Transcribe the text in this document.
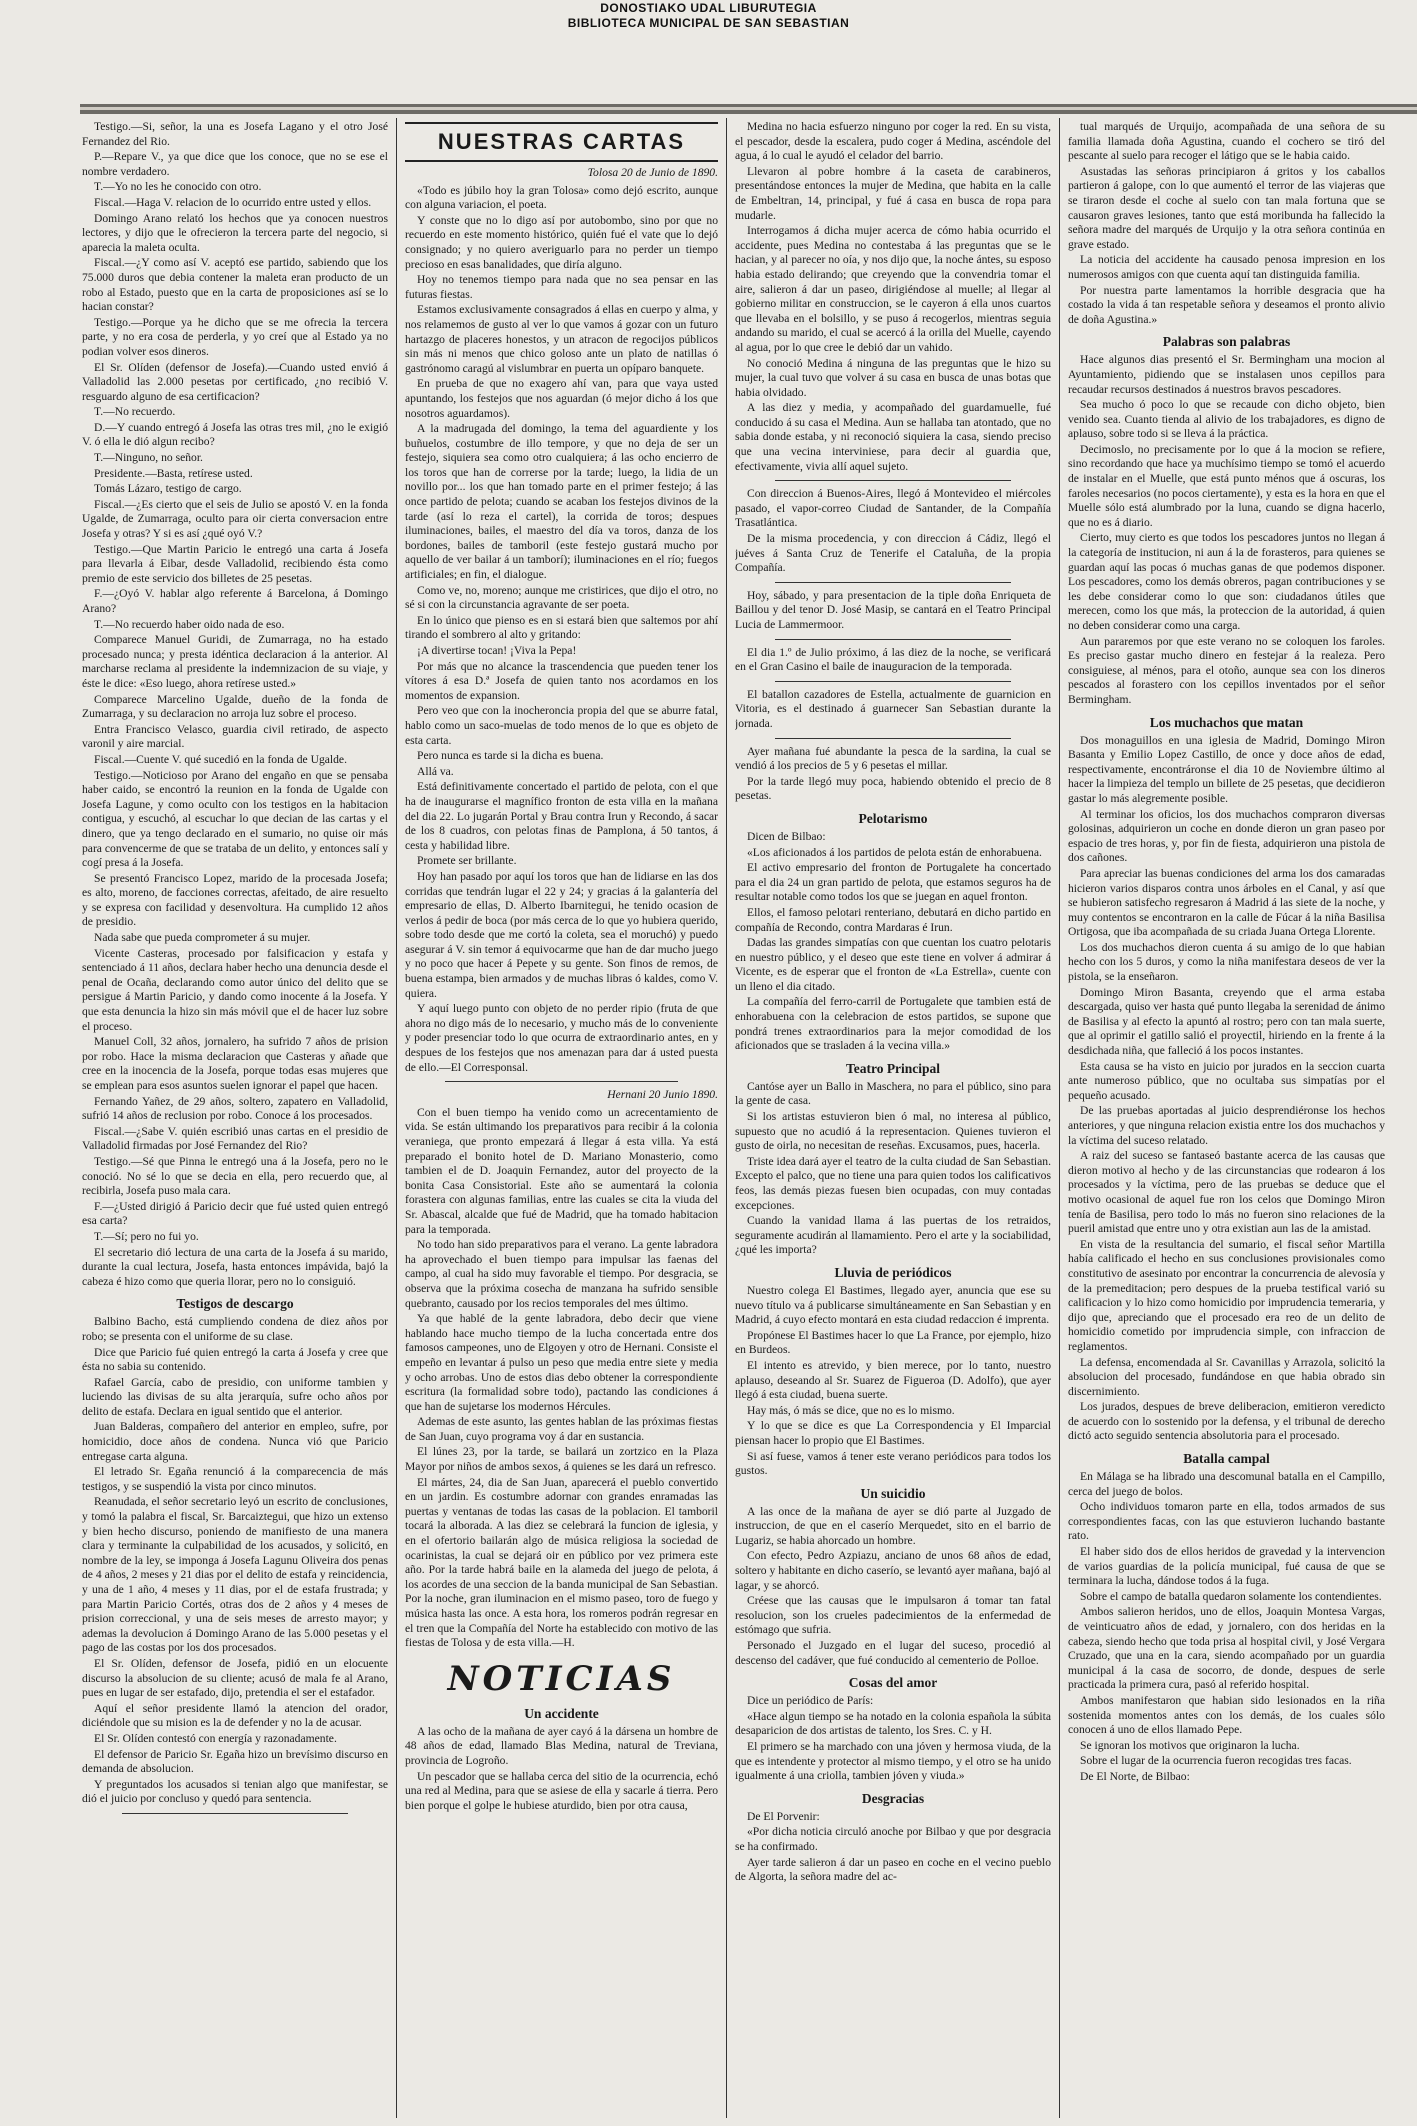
DONOSTIAKO UDAL LIBURUTEGIA
BIBLIOTECA MUNICIPAL DE SAN SEBASTIAN

Testigo.—Si, señor, la una es Josefa Lagano y el otro José Fernandez del Rio.

P.—Repare V., ya que dice que los conoce, que no se ese el nombre verdadero.

T.—Yo no les he conocido con otro.

Fiscal.—Haga V. relacion de lo ocurrido entre usted y ellos.

Domingo Arano relató los hechos que ya conocen nuestros lectores, y dijo que le ofrecieron la tercera parte del negocio, si aparecia la maleta oculta.

Fiscal.—¿Y como así V. aceptó ese partido, sabiendo que los 75.000 duros que debia contener la maleta eran producto de un robo al Estado, puesto que en la carta de proposiciones así se lo hacian constar?

Testigo.—Porque ya he dicho que se me ofrecia la tercera parte, y no era cosa de perderla, y yo creí que al Estado ya no podian volver esos dineros.

El Sr. Olíden (defensor de Josefa).—Cuando usted envió á Valladolid las 2.000 pesetas por certificado, ¿no recibió V. resguardo alguno de esa certificacion?

T.—No recuerdo.

D.—Y cuando entregó á Josefa las otras tres mil, ¿no le exigió V. ó ella le dió algun recibo?

T.—Ninguno, no señor.

Presidente.—Basta, retírese usted.

Tomás Lázaro, testigo de cargo.

Fiscal.—¿Es cierto que el seis de Julio se apostó V. en la fonda Ugalde, de Zumarraga, oculto para oir cierta conversacion entre Josefa y otras? Y si es así ¿qué oyó V.?

Testigo.—Que Martin Paricio le entregó una carta á Josefa para llevarla á Eibar, desde Valladolid, recibiendo ésta como premio de este servicio dos billetes de 25 pesetas.

F.—¿Oyó V. hablar algo referente á Barcelona, á Domingo Arano?

T.—No recuerdo haber oido nada de eso.

Comparece Manuel Guridi, de Zumarraga, no ha estado procesado nunca; y presta idéntica declaracion á la anterior. Al marcharse reclama al presidente la indemnizacion de su viaje, y éste le dice: «Eso luego, ahora retírese usted.»

Comparece Marcelino Ugalde, dueño de la fonda de Zumarraga, y su declaracion no arroja luz sobre el proceso.

Entra Francisco Velasco, guardia civil retirado, de aspecto varonil y aire marcial.

Fiscal.—Cuente V. qué sucedió en la fonda de Ugalde.

Testigo.—Noticioso por Arano del engaño en que se pensaba haber caido, se encontró la reunion en la fonda de Ugalde con Josefa Lagune, y como oculto con los testigos en la habitacion contigua, y escuchó, al escuchar lo que decian de las cartas y el dinero, que ya tengo declarado en el sumario, no quise oir más para convencerme de que se trataba de un delito, y entonces salí y cogí presa á la Josefa.

Se presentó Francisco Lopez, marido de la procesada Josefa; es alto, moreno, de facciones correctas, afeitado, de aire resuelto y se expresa con facilidad y desenvoltura. Ha cumplido 12 años de presidio.

Nada sabe que pueda comprometer á su mujer.

Vicente Casteras, procesado por falsificacion y estafa y sentenciado á 11 años, declara haber hecho una denuncia desde el penal de Ocaña, declarando como autor único del delito que se persigue á Martin Paricio, y dando como inocente á la Josefa. Y que esta denuncia la hizo sin más móvil que el de hacer luz sobre el proceso.

Manuel Coll, 32 años, jornalero, ha sufrido 7 años de prision por robo. Hace la misma declaracion que Casteras y añade que cree en la inocencia de la Josefa, porque todas esas mujeres que se emplean para esos asuntos suelen ignorar el papel que hacen.

Fernando Yañez, de 29 años, soltero, zapatero en Valladolid, sufrió 14 años de reclusion por robo. Conoce á los procesados.

Fiscal.—¿Sabe V. quién escribió unas cartas en el presidio de Valladolid firmadas por José Fernandez del Rio?

Testigo.—Sé que Pinna le entregó una á la Josefa, pero no le conoció. No sé lo que se decia en ella, pero recuerdo que, al recibirla, Josefa puso mala cara.

F.—¿Usted dirigió á Paricio decir que fué usted quien entregó esa carta?

T.—Sí; pero no fui yo.

El secretario dió lectura de una carta de la Josefa á su marido, durante la cual lectura, Josefa, hasta entonces impávida, bajó la cabeza é hizo como que queria llorar, pero no lo consiguió.

Testigos de descargo

Balbino Bacho, está cumpliendo condena de diez años por robo; se presenta con el uniforme de su clase.

Dice que Paricio fué quien entregó la carta á Josefa y cree que ésta no sabia su contenido.

Rafael García, cabo de presidio, con uniforme tambien y luciendo las divisas de su alta jerarquía, sufre ocho años por delito de estafa. Declara en igual sentido que el anterior.

Juan Balderas, compañero del anterior en empleo, sufre, por homicidio, doce años de condena. Nunca vió que Paricio entregase carta alguna.

El letrado Sr. Egaña renunció á la comparecencia de más testigos, y se suspendió la vista por cinco minutos.

Reanudada, el señor secretario leyó un escrito de conclusiones, y tomó la palabra el fiscal, Sr. Barcaiztegui, que hizo un extenso y bien hecho discurso, poniendo de manifiesto de una manera clara y terminante la culpabilidad de los acusados, y solicitó, en nombre de la ley, se imponga á Josefa Lagunu Oliveira dos penas de 4 años, 2 meses y 21 dias por el delito de estafa y reincidencia, y una de 1 año, 4 meses y 11 dias, por el de estafa frustrada; y para Martin Paricio Cortés, otras dos de 2 años y 4 meses de prision correccional, y una de seis meses de arresto mayor; y ademas la devolucion á Domingo Arano de las 5.000 pesetas y el pago de las costas por los dos procesados.

El Sr. Olíden, defensor de Josefa, pidió en un elocuente discurso la absolucion de su cliente; acusó de mala fe al Arano, pues en lugar de ser estafado, dijo, pretendia el ser el estafador.

Aquí el señor presidente llamó la atencion del orador, diciéndole que su mision es la de defender y no la de acusar.

El Sr. Olíden contestó con energía y razonadamente.

El defensor de Paricio Sr. Egaña hizo un brevísimo discurso en demanda de absolucion.

Y preguntados los acusados si tenian algo que manifestar, se dió el juicio por concluso y quedó para sentencia.

NUESTRAS CARTAS
Tolosa 20 de Junio de 1890.

«Todo es júbilo hoy la gran Tolosa» como dejó escrito, aunque con alguna variacion, el poeta.

Y conste que no lo digo así por autobombo, sino por que no recuerdo en este momento histórico, quién fué el vate que lo dejó consignado; y no quiero averiguarlo para no perder un tiempo precioso en esas banalidades, que diría alguno.

Hoy no tenemos tiempo para nada que no sea pensar en las futuras fiestas.

Estamos exclusivamente consagrados á ellas en cuerpo y alma, y nos relamemos de gusto al ver lo que vamos á gozar con un futuro hartazgo de placeres honestos, y un atracon de regocijos públicos sin más ni menos que chico goloso ante un plato de natillas ó gastrónomo caragú al vislumbrar en puerta un opíparo banquete.

En prueba de que no exagero ahí van, para que vaya usted apuntando, los festejos que nos aguardan (ó mejor dicho á los que nosotros aguardamos).

A la madrugada del domingo, la tema del aguardiente y los buñuelos, costumbre de illo tempore, y que no deja de ser un festejo, siquiera sea como otro cualquiera; á las ocho encierro de los toros que han de correrse por la tarde; luego, la lidia de un novillo por... los que han tomado parte en el primer festejo; á las once partido de pelota; cuando se acaban los festejos divinos de la tarde (así lo reza el cartel), la corrida de toros; despues iluminaciones, bailes, el maestro del día va toros, danza de los bordones, bailes de tamboril (este festejo gustará mucho por aquello de ver bailar á un tamborí); iluminaciones en el río; fuegos artificiales; en fin, el dialogue.

Como ve, no, moreno; aunque me cristirices, que dijo el otro, no sé si con la circunstancia agravante de ser poeta.

En lo único que pienso es en si estará bien que saltemos por ahí tirando el sombrero al alto y gritando:

¡A divertirse tocan! ¡Viva la Pepa!

Por más que no alcance la trascendencia que pueden tener los vítores á esa D.ª Josefa de quien tanto nos acordamos en los momentos de expansion.

Pero veo que con la inocheroncia propia del que se aburre fatal, hablo como un saco-muelas de todo menos de lo que es objeto de esta carta.

Pero nunca es tarde si la dicha es buena.

Allá va.

Está definitivamente concertado el partido de pelota, con el que ha de inaugurarse el magnífico fronton de esta villa en la mañana del dia 22. Lo jugarán Portal y Brau contra Irun y Recondo, á sacar de los 8 cuadros, con pelotas finas de Pamplona, á 50 tantos, á cesta y habilidad libre.

Promete ser brillante.

Hoy han pasado por aquí los toros que han de lidiarse en las dos corridas que tendrán lugar el 22 y 24; y gracias á la galantería del empresario de ellas, D. Alberto Ibarnitegui, he tenido ocasion de verlos á pedir de boca (por más cerca de lo que yo hubiera querido, sobre todo desde que me cortó la coleta, sea el moruchó) y puedo asegurar á V. sin temor á equivocarme que han de dar mucho juego y no poco que hacer á Pepete y su gente. Son finos de remos, de buena estampa, bien armados y de muchas libras ó kaldes, como V. quiera.

Y aquí luego punto con objeto de no perder ripio (fruta de que ahora no digo más de lo necesario, y mucho más de lo conveniente y poder presenciar todo lo que ocurra de extraordinario antes, en y despues de los festejos que nos amenazan para dar á usted puesta de ello.—El Corresponsal.

Hernani 20 Junio 1890.

Con el buen tiempo ha venido como un acrecentamiento de vida. Se están ultimando los preparativos para recibir á la colonia veraniega, que pronto empezará á llegar á esta villa. Ya está preparado el bonito hotel de D. Mariano Monasterio, como tambien el de D. Joaquin Fernandez, autor del proyecto de la bonita Casa Consistorial. Este año se aumentará la colonia forastera con algunas familias, entre las cuales se cita la viuda del Sr. Abascal, alcalde que fué de Madrid, que ha tomado habitacion para la temporada.

No todo han sido preparativos para el verano. La gente labradora ha aprovechado el buen tiempo para impulsar las faenas del campo, al cual ha sido muy favorable el tiempo. Por desgracia, se observa que la próxima cosecha de manzana ha sufrido sensible quebranto, causado por los recios temporales del mes último.

Ya que hablé de la gente labradora, debo decir que viene hablando hace mucho tiempo de la lucha concertada entre dos famosos campeones, uno de Elgoyen y otro de Hernani. Consiste el empeño en levantar á pulso un peso que media entre siete y media y ocho arrobas. Uno de estos dias debo obtener la correspondiente escritura (la formalidad sobre todo), pactando las condiciones á que han de sujetarse los modernos Hércules.

Ademas de este asunto, las gentes hablan de las próximas fiestas de San Juan, cuyo programa voy á dar en sustancia.

El lúnes 23, por la tarde, se bailará un zortzico en la Plaza Mayor por niños de ambos sexos, á quienes se les dará un refresco.

El mártes, 24, dia de San Juan, aparecerá el pueblo convertido en un jardin. Es costumbre adornar con grandes enramadas las puertas y ventanas de todas las casas de la poblacion. El tamboril tocará la alborada. A las diez se celebrará la funcion de iglesia, y en el ofertorio bailarán algo de música religiosa la sociedad de ocarinistas, la cual se dejará oir en público por vez primera este año. Por la tarde habrá baile en la alameda del juego de pelota, á los acordes de una seccion de la banda municipal de San Sebastian. Por la noche, gran iluminacion en el mismo paseo, toro de fuego y música hasta las once. A esta hora, los romeros podrán regresar en el tren que la Compañía del Norte ha establecido con motivo de las fiestas de Tolosa y de esta villa.—H.

NOTICIAS
Un accidente

A las ocho de la mañana de ayer cayó á la dársena un hombre de 48 años de edad, llamado Blas Medina, natural de Treviana, provincia de Logroño.

Un pescador que se hallaba cerca del sitio de la ocurrencia, echó una red al Medina, para que se asiese de ella y sacarle á tierra. Pero bien porque el golpe le hubiese aturdido, bien por otra causa,

Medina no hacia esfuerzo ninguno por coger la red. En su vista, el pescador, desde la escalera, pudo coger á Medina, ascéndole del agua, á lo cual le ayudó el celador del barrio.

Llevaron al pobre hombre á la caseta de carabineros, presentándose entonces la mujer de Medina, que habita en la calle de Embeltran, 14, principal, y fué á casa en busca de ropa para mudarle.

Interrogamos á dicha mujer acerca de cómo habia ocurrido el accidente, pues Medina no contestaba á las preguntas que se le hacian, y al parecer no oía, y nos dijo que, la noche ántes, su esposo habia estado delirando; que creyendo que la convendria tomar el aire, salieron á dar un paseo, dirigiéndose al muelle; al llegar al gobierno militar en construccion, se le cayeron á ella unos cuartos que llevaba en el bolsillo, y se puso á recogerlos, mientras seguia andando su marido, el cual se acercó á la orilla del Muelle, cayendo al agua, por lo que cree le debió dar un vahido.

No conoció Medina á ninguna de las preguntas que le hizo su mujer, la cual tuvo que volver á su casa en busca de unas botas que habia olvidado.

A las diez y media, y acompañado del guardamuelle, fué conducido á su casa el Medina. Aun se hallaba tan atontado, que no sabia donde estaba, y ni reconoció siquiera la casa, siendo preciso que una vecina interviniese, para decir al guardia que, efectivamente, vivia allí aquel sujeto.

Con direccion á Buenos-Aires, llegó á Montevideo el miércoles pasado, el vapor-correo Ciudad de Santander, de la Compañía Trasatlántica.

De la misma procedencia, y con direccion á Cádiz, llegó el juéves á Santa Cruz de Tenerife el Cataluña, de la propia Compañía.

Hoy, sábado, y para presentacion de la tiple doña Enriqueta de Baillou y del tenor D. José Masip, se cantará en el Teatro Principal Lucia de Lammermoor.

El dia 1.º de Julio próximo, á las diez de la noche, se verificará en el Gran Casino el baile de inauguracion de la temporada.

El batallon cazadores de Estella, actualmente de guarnicion en Vitoria, es el destinado á guarnecer San Sebastian durante la jornada.

Ayer mañana fué abundante la pesca de la sardina, la cual se vendió á los precios de 5 y 6 pesetas el millar.

Por la tarde llegó muy poca, habiendo obtenido el precio de 8 pesetas.

Pelotarismo

Dicen de Bilbao:

«Los aficionados á los partidos de pelota están de enhorabuena.

El activo empresario del fronton de Portugalete ha concertado para el dia 24 un gran partido de pelota, que estamos seguros ha de resultar notable como todos los que se juegan en aquel fronton.

Ellos, el famoso pelotari renteriano, debutará en dicho partido en compañía de Recondo, contra Mardaras é Irun.

Dadas las grandes simpatías con que cuentan los cuatro pelotaris en nuestro público, y el deseo que este tiene en volver á admirar á Vicente, es de esperar que el fronton de «La Estrella», cuente con un lleno el dia citado.

La compañía del ferro-carril de Portugalete que tambien está de enhorabuena con la celebracion de estos partidos, se supone que pondrá trenes extraordinarios para la mejor comodidad de los aficionados que se trasladen á la vecina villa.»

Teatro Principal

Cantóse ayer un Ballo in Maschera, no para el público, sino para la gente de casa.

Si los artistas estuvieron bien ó mal, no interesa al público, supuesto que no acudió á la representacion. Quienes tuvieron el gusto de oirla, no necesitan de reseñas. Excusamos, pues, hacerla.

Triste idea dará ayer el teatro de la culta ciudad de San Sebastian. Excepto el palco, que no tiene una para quien todos los calificativos feos, las demás piezas fuesen bien ocupadas, con muy contadas excepciones.

Cuando la vanidad llama á las puertas de los retraidos, seguramente acudirán al llamamiento. Pero el arte y la sociabilidad, ¿qué les importa?

Lluvia de periódicos

Nuestro colega El Bastimes, llegado ayer, anuncia que ese su nuevo título va á publicarse simultáneamente en San Sebastian y en Madrid, á cuyo efecto montará en esta ciudad redaccion é imprenta.

Propónese El Bastimes hacer lo que La France, por ejemplo, hizo en Burdeos.

El intento es atrevido, y bien merece, por lo tanto, nuestro aplauso, deseando al Sr. Suarez de Figueroa (D. Adolfo), que ayer llegó á esta ciudad, buena suerte.

Hay más, ó más se dice, que no es lo mismo.

Y lo que se dice es que La Correspondencia y El Imparcial piensan hacer lo propio que El Bastimes.

Si así fuese, vamos á tener este verano periódicos para todos los gustos.

Un suicidio

A las once de la mañana de ayer se dió parte al Juzgado de instruccion, de que en el caserío Merquedet, sito en el barrio de Lugariz, se habia ahorcado un hombre.

Con efecto, Pedro Azpiazu, anciano de unos 68 años de edad, soltero y habitante en dicho caserío, se levantó ayer mañana, bajó al lagar, y se ahorcó.

Créese que las causas que le impulsaron á tomar tan fatal resolucion, son los crueles padecimientos de la enfermedad de estómago que sufria.

Personado el Juzgado en el lugar del suceso, procedió al descenso del cadáver, que fué conducido al cementerio de Polloe.

Cosas del amor

Dice un periódico de París:

«Hace algun tiempo se ha notado en la colonia española la súbita desaparicion de dos artistas de talento, los Sres. C. y H.

El primero se ha marchado con una jóven y hermosa viuda, de la que es intendente y protector al mismo tiempo, y el otro se ha unido igualmente á una criolla, tambien jóven y viuda.»

Desgracias

De El Porvenir:

«Por dicha noticia circuló anoche por Bilbao y que por desgracia se ha confirmado.

Ayer tarde salieron á dar un paseo en coche en el vecino pueblo de Algorta, la señora madre del ac-

tual marqués de Urquijo, acompañada de una señora de su familia llamada doña Agustina, cuando el cochero se tiró del pescante al suelo para recoger el látigo que se le habia caido.

Asustadas las señoras principiaron á gritos y los caballos partieron á galope, con lo que aumentó el terror de las viajeras que se tiraron desde el coche al suelo con tan mala fortuna que se causaron graves lesiones, tanto que está moribunda ha fallecido la señora madre del marqués de Urquijo y la otra señora continúa en grave estado.

La noticia del accidente ha causado penosa impresion en los numerosos amigos con que cuenta aquí tan distinguida familia.

Por nuestra parte lamentamos la horrible desgracia que ha costado la vida á tan respetable señora y deseamos el pronto alivio de doña Agustina.»

Palabras son palabras

Hace algunos dias presentó el Sr. Bermingham una mocion al Ayuntamiento, pidiendo que se instalasen unos cepillos para recaudar recursos destinados á nuestros bravos pescadores.

Sea mucho ó poco lo que se recaude con dicho objeto, bien venido sea. Cuanto tienda al alivio de los trabajadores, es digno de aplauso, sobre todo si se lleva á la práctica.

Decimoslo, no precisamente por lo que á la mocion se refiere, sino recordando que hace ya muchísimo tiempo se tomó el acuerdo de instalar en el Muelle, que está punto ménos que á oscuras, los faroles necesarios (no pocos ciertamente), y esta es la hora en que el Muelle sólo está alumbrado por la luna, cuando se digna hacerlo, que no es á diario.

Cierto, muy cierto es que todos los pescadores juntos no llegan á la categoría de institucion, ni aun á la de forasteros, para quienes se guardan aquí las pocas ó muchas ganas de que podemos disponer. Los pescadores, como los demás obreros, pagan contribuciones y se les debe considerar como lo que son: ciudadanos útiles que merecen, como los que más, la proteccion de la autoridad, á quien no deben considerar como una carga.

Aun pararemos por que este verano no se coloquen los faroles. Es preciso gastar mucho dinero en festejar á la realeza. Pero consiguiese, al ménos, para el otoño, aunque sea con los dineros pescados al forastero con los cepillos inventados por el señor Bermingham.

Los muchachos que matan

Dos monaguillos en una iglesia de Madrid, Domingo Miron Basanta y Emilio Lopez Castillo, de once y doce años de edad, respectivamente, encontráronse el dia 10 de Noviembre último al hacer la limpieza del templo un billete de 25 pesetas, que decidieron gastar lo más alegremente posible.

Al terminar los oficios, los dos muchachos compraron diversas golosinas, adquirieron un coche en donde dieron un gran paseo por espacio de tres horas, y, por fin de fiesta, adquirieron una pistola de dos cañones.

Para apreciar las buenas condiciones del arma los dos camaradas hicieron varios disparos contra unos árboles en el Canal, y así que se hubieron satisfecho regresaron á Madrid á las siete de la noche, y muy contentos se encontraron en la calle de Fúcar á la niña Basilisa Ortigosa, que iba acompañada de su criada Juana Ortega Llorente.

Los dos muchachos dieron cuenta á su amigo de lo que habian hecho con los 5 duros, y como la niña manifestara deseos de ver la pistola, se la enseñaron.

Domingo Miron Basanta, creyendo que el arma estaba descargada, quiso ver hasta qué punto llegaba la serenidad de ánimo de Basilisa y al efecto la apuntó al rostro; pero con tan mala suerte, que al oprimir el gatillo salió el proyectil, hiriendo en la frente á la desdichada niña, que falleció á los pocos instantes.

Esta causa se ha visto en juicio por jurados en la seccion cuarta ante numeroso público, que no ocultaba sus simpatías por el pequeño acusado.

De las pruebas aportadas al juicio desprendiéronse los hechos anteriores, y que ninguna relacion existia entre los dos muchachos y la víctima del suceso relatado.

A raiz del suceso se fantaseó bastante acerca de las causas que dieron motivo al hecho y de las circunstancias que rodearon á los procesados y la víctima, pero de las pruebas se deduce que el motivo ocasional de aquel fue ron los celos que Domingo Miron tenía de Basilisa, pero todo lo más no fueron sino relaciones de la pueril amistad que entre uno y otra existian aun las de la amistad.

En vista de la resultancia del sumario, el fiscal señor Martilla había calificado el hecho en sus conclusiones provisionales como constitutivo de asesinato por encontrar la concurrencia de alevosía y de la premeditacion; pero despues de la prueba testifical varió su calificacion y lo hizo como homicidio por imprudencia temeraria, y dijo que, apreciando que el procesado era reo de un delito de homicidio cometido por imprudencia simple, con infraccion de reglamentos.

La defensa, encomendada al Sr. Cavanillas y Arrazola, solicitó la absolucion del procesado, fundándose en que habia obrado sin discernimiento.

Los jurados, despues de breve deliberacion, emitieron veredicto de acuerdo con lo sostenido por la defensa, y el tribunal de derecho dictó acto seguido sentencia absolutoria para el procesado.

Batalla campal

En Málaga se ha librado una descomunal batalla en el Campillo, cerca del juego de bolos.

Ocho individuos tomaron parte en ella, todos armados de sus correspondientes facas, con las que estuvieron luchando bastante rato.

El haber sido dos de ellos heridos de gravedad y la intervencion de varios guardias de la policía municipal, fué causa de que se terminara la lucha, dándose todos á la fuga.

Sobre el campo de batalla quedaron solamente los contendientes.

Ambos salieron heridos, uno de ellos, Joaquin Montesa Vargas, de veinticuatro años de edad, y jornalero, con dos heridas en la cabeza, siendo hecho que toda prisa al hospital civil, y José Vergara Cruzado, que una en la cara, siendo acompañado por un guardia municipal á la casa de socorro, de donde, despues de serle practicada la primera cura, pasó al referido hospital.

Ambos manifestaron que habian sido lesionados en la riña sostenida momentos antes con los demás, de los cuales sólo conocen á uno de ellos llamado Pepe.

Se ignoran los motivos que originaron la lucha.

Sobre el lugar de la ocurrencia fueron recogidas tres facas.

De El Norte, de Bilbao:
